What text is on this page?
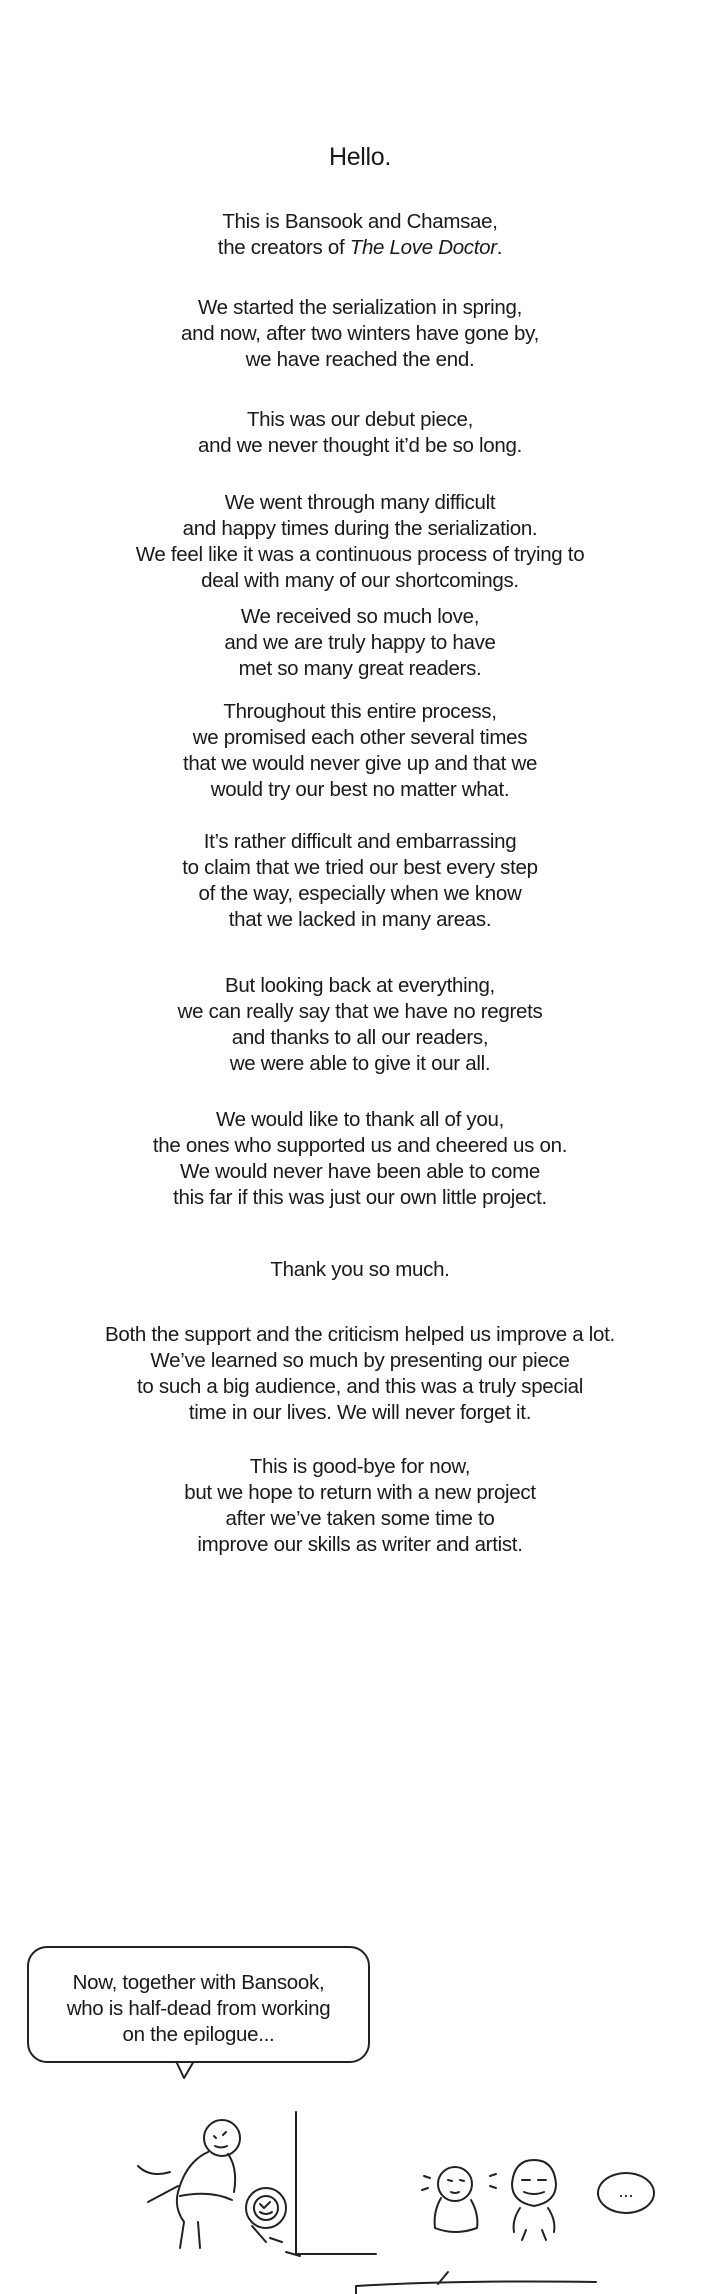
Hello.
This is Bansook and Chamsae,
the creators of The Love Doctor.
We started the serialization in spring,
and now, after two winters have gone by,
we have reached the end.
This was our debut piece,
and we never thought it’d be so long.
We went through many difficult
and happy times during the serialization.
We feel like it was a continuous process of trying to
deal with many of our shortcomings.
We received so much love,
and we are truly happy to have
met so many great readers.
Throughout this entire process,
we promised each other several times
that we would never give up and that we
would try our best no matter what.
It’s rather difficult and embarrassing
to claim that we tried our best every step
of the way, especially when we know
that we lacked in many areas.
But looking back at everything,
we can really say that we have no regrets
and thanks to all our readers,
we were able to give it our all.
We would like to thank all of you,
the ones who supported us and cheered us on.
We would never have been able to come
this far if this was just our own little project.
Thank you so much.
Both the support and the criticism helped us improve a lot.
We’ve learned so much by presenting our piece
to such a big audience, and this was a truly special
time in our lives. We will never forget it.
This is good-bye for now,
but we hope to return with a new project
after we’ve taken some time to
improve our skills as writer and artist.
Now, together with Bansook,
who is half-dead from working
on the epilogue...
...
